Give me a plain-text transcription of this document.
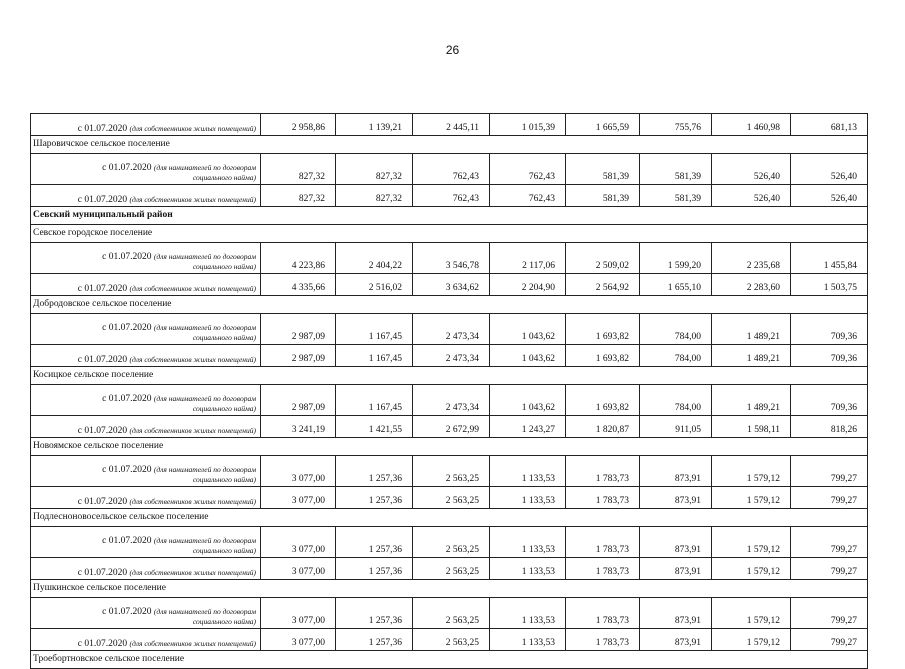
26
с 01.07.2020 (для собственников жилых помещений)	2 958,86	1 139,21	2 445,11	1 015,39	1 665,59	755,76	1 460,98	681,13
Шаровичское сельское поселение								
с 01.07.2020 (для нанимателей по договорам
социального найма)	827,32	827,32	762,43	762,43	581,39	581,39	526,40	526,40
с 01.07.2020 (для собственников жилых помещений)	827,32	827,32	762,43	762,43	581,39	581,39	526,40	526,40
Севский муниципальный район								
Севское городское поселение								
с 01.07.2020 (для нанимателей по договорам
социального найма)	4 223,86	2 404,22	3 546,78	2 117,06	2 509,02	1 599,20	2 235,68	1 455,84
с 01.07.2020 (для собственников жилых помещений)	4 335,66	2 516,02	3 634,62	2 204,90	2 564,92	1 655,10	2 283,60	1 503,75
Добродовское сельское поселение								
с 01.07.2020 (для нанимателей по договорам
социального найма)	2 987,09	1 167,45	2 473,34	1 043,62	1 693,82	784,00	1 489,21	709,36
с 01.07.2020 (для собственников жилых помещений)	2 987,09	1 167,45	2 473,34	1 043,62	1 693,82	784,00	1 489,21	709,36
Косицкое сельское поселение								
с 01.07.2020 (для нанимателей по договорам
социального найма)	2 987,09	1 167,45	2 473,34	1 043,62	1 693,82	784,00	1 489,21	709,36
с 01.07.2020 (для собственников жилых помещений)	3 241,19	1 421,55	2 672,99	1 243,27	1 820,87	911,05	1 598,11	818,26
Новоямское сельское поселение								
с 01.07.2020 (для нанимателей по договорам
социального найма)	3 077,00	1 257,36	2 563,25	1 133,53	1 783,73	873,91	1 579,12	799,27
с 01.07.2020 (для собственников жилых помещений)	3 077,00	1 257,36	2 563,25	1 133,53	1 783,73	873,91	1 579,12	799,27
Подлесноновосельское сельское поселение								
с 01.07.2020 (для нанимателей по договорам
социального найма)	3 077,00	1 257,36	2 563,25	1 133,53	1 783,73	873,91	1 579,12	799,27
с 01.07.2020 (для собственников жилых помещений)	3 077,00	1 257,36	2 563,25	1 133,53	1 783,73	873,91	1 579,12	799,27
Пушкинское сельское поселение								
с 01.07.2020 (для нанимателей по договорам
социального найма)	3 077,00	1 257,36	2 563,25	1 133,53	1 783,73	873,91	1 579,12	799,27
с 01.07.2020 (для собственников жилых помещений)	3 077,00	1 257,36	2 563,25	1 133,53	1 783,73	873,91	1 579,12	799,27
Троебортновское сельское поселение								
